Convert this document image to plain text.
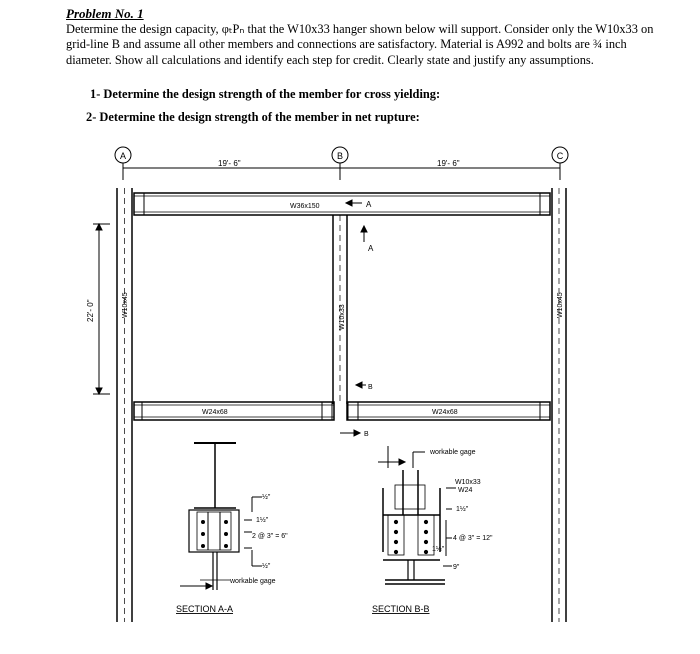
Problem No. 1
Determine the design capacity, φₜPₙ that the W10x33 hanger shown below will support. Consider only the W10x33 on grid-line B and assume all other members and connections are satisfactory. Material is A992 and bolts are ¾ inch diameter. Show all calculations and identify each step for credit. Clearly state and justify any assumptions.
1- Determine the design strength of the member for cross yielding:
2- Determine the design strength of the member in net rupture:
A	B	C
19'- 6"	19'- 6"
W10x45	W10x45
W36x150	A
A
W10x33
B
B
22'- 0"
W24x68	W24x68
½"
1½"
2 @ 3" = 6"
½"
workable gage
SECTION A-A
workable gage
W10x33
W24
1½"
4 @ 3" = 12"
1½"
9"
SECTION B-B
